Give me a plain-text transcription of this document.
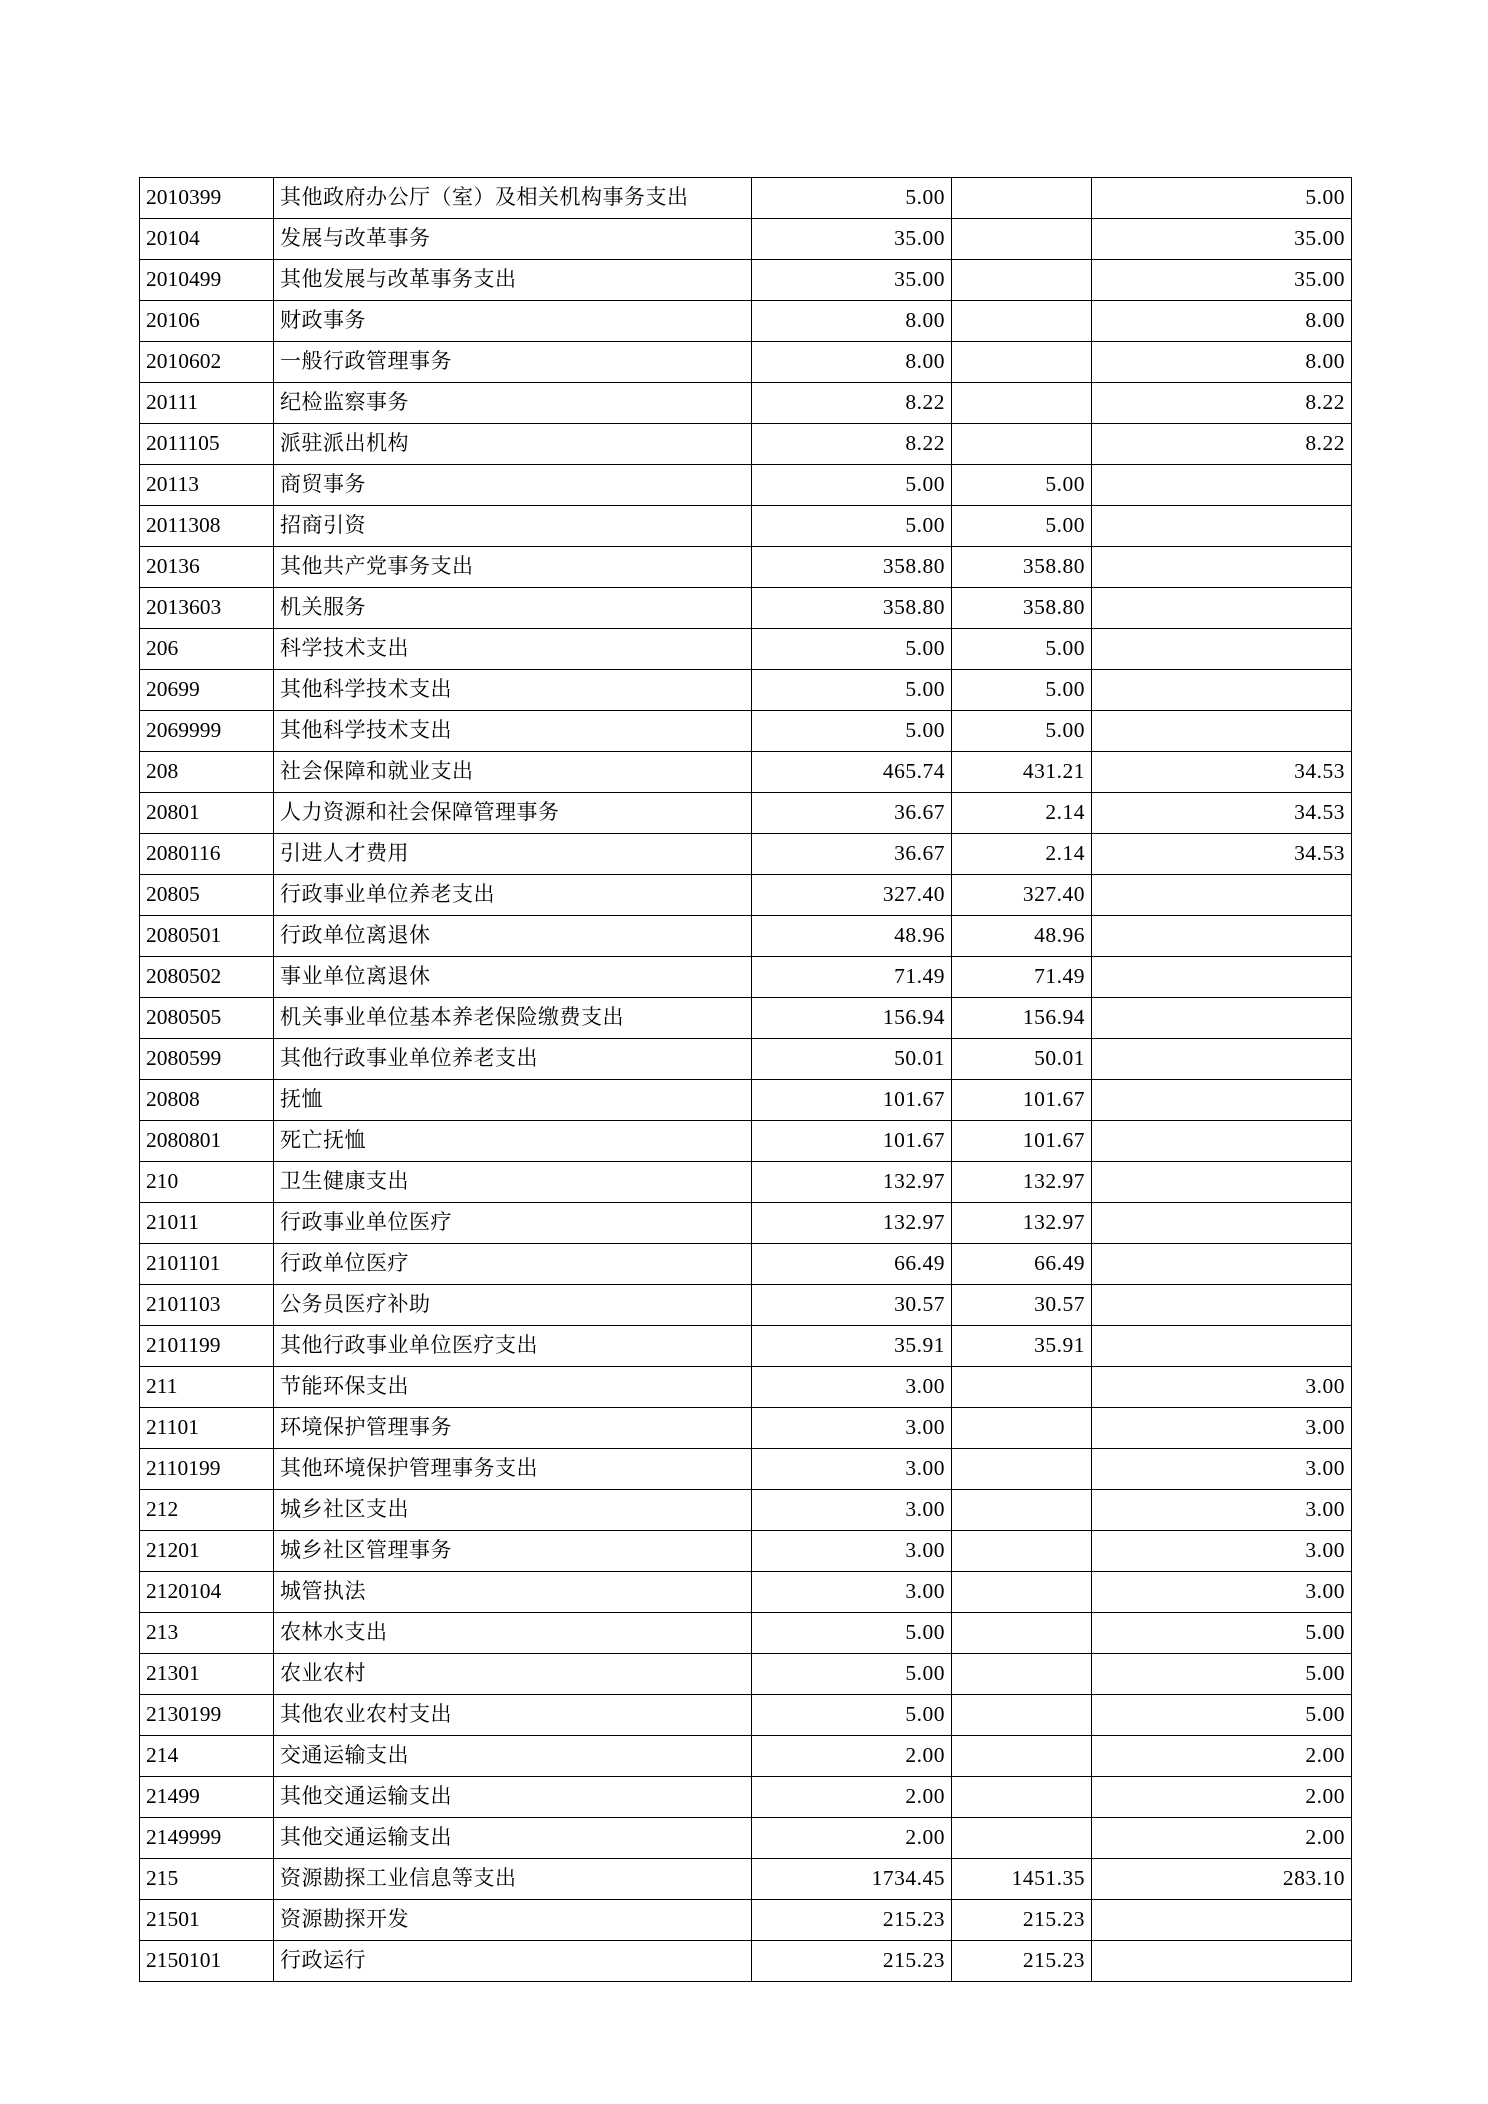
2010399	其他政府办公厅（室）及相关机构事务支出	5.00		5.00
20104	发展与改革事务	35.00		35.00
2010499	其他发展与改革事务支出	35.00		35.00
20106	财政事务	8.00		8.00
2010602	一般行政管理事务	8.00		8.00
20111	纪检监察事务	8.22		8.22
2011105	派驻派出机构	8.22		8.22
20113	商贸事务	5.00	5.00	
2011308	招商引资	5.00	5.00	
20136	其他共产党事务支出	358.80	358.80	
2013603	机关服务	358.80	358.80	
206	科学技术支出	5.00	5.00	
20699	其他科学技术支出	5.00	5.00	
2069999	其他科学技术支出	5.00	5.00	
208	社会保障和就业支出	465.74	431.21	34.53
20801	人力资源和社会保障管理事务	36.67	2.14	34.53
2080116	引进人才费用	36.67	2.14	34.53
20805	行政事业单位养老支出	327.40	327.40	
2080501	行政单位离退休	48.96	48.96	
2080502	事业单位离退休	71.49	71.49	
2080505	机关事业单位基本养老保险缴费支出	156.94	156.94	
2080599	其他行政事业单位养老支出	50.01	50.01	
20808	抚恤	101.67	101.67	
2080801	死亡抚恤	101.67	101.67	
210	卫生健康支出	132.97	132.97	
21011	行政事业单位医疗	132.97	132.97	
2101101	行政单位医疗	66.49	66.49	
2101103	公务员医疗补助	30.57	30.57	
2101199	其他行政事业单位医疗支出	35.91	35.91	
211	节能环保支出	3.00		3.00
21101	环境保护管理事务	3.00		3.00
2110199	其他环境保护管理事务支出	3.00		3.00
212	城乡社区支出	3.00		3.00
21201	城乡社区管理事务	3.00		3.00
2120104	城管执法	3.00		3.00
213	农林水支出	5.00		5.00
21301	农业农村	5.00		5.00
2130199	其他农业农村支出	5.00		5.00
214	交通运输支出	2.00		2.00
21499	其他交通运输支出	2.00		2.00
2149999	其他交通运输支出	2.00		2.00
215	资源勘探工业信息等支出	1734.45	1451.35	283.10
21501	资源勘探开发	215.23	215.23	
2150101	行政运行	215.23	215.23	
